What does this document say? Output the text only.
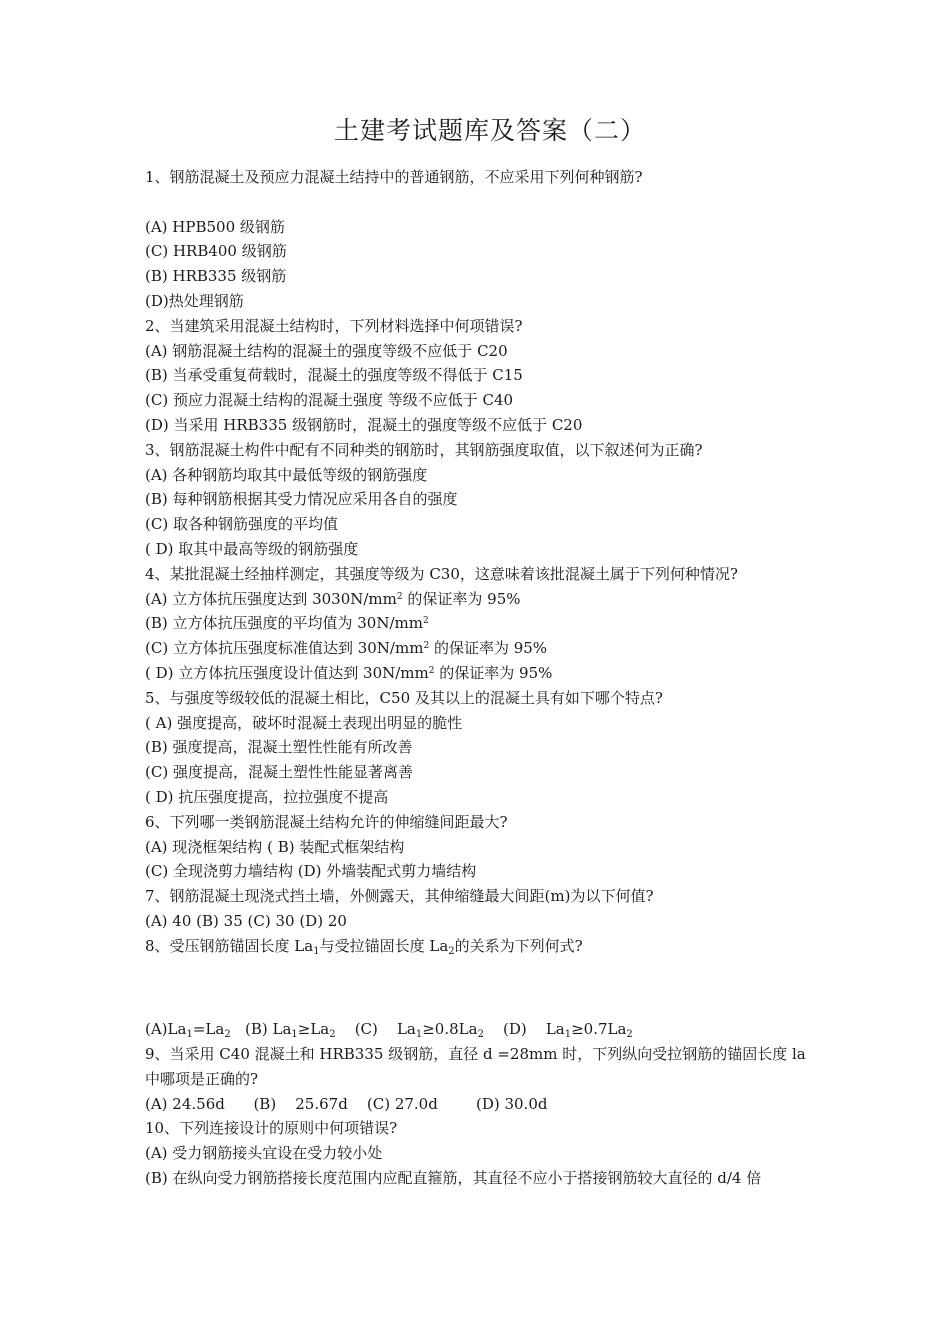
土建考试题库及答案（二）
1、钢筋混凝土及预应力混凝土结持中的普通钢筋，不应采用下列何种钢筋?
(A) HPB500 级钢筋
(C) HRB400 级钢筋
(B) HRB335 级钢筋
(D)热处理钢筋
2、当建筑采用混凝土结构时，下列材料选择中何项错误?
(A) 钢筋混凝土结构的混凝土的强度等级不应低于 C20
(B) 当承受重复荷载时，混凝土的强度等级不得低于 C15
(C) 预应力混凝土结构的混凝土强度 等级不应低于 C40
(D) 当采用 HRB335 级钢筋时，混凝土的强度等级不应低于 C20
3、钢筋混凝土构件中配有不同种类的钢筋时，其钢筋强度取值，以下叙述何为正确?
(A) 各种钢筋均取其中最低等级的钢筋强度
(B) 每种钢筋根据其受力情况应采用各自的强度
(C) 取各种钢筋强度的平均值
( D) 取其中最高等级的钢筋强度
4、某批混凝土经抽样测定，其强度等级为 C30，这意味着该批混凝土属于下列何种情况?
(A) 立方体抗压强度达到 $3030N/mm^2$ 的保证率为 95%
(B) 立方体抗压强度的平均值为 $30N/mm^2$
(C) 立方体抗压强度标准值达到 $30N/mm^2$ 的保证率为 95%
( D) 立方体抗压强度设计值达到 $30N/mm^2$ 的保证率为 95%
5、与强度等级较低的混凝土相比，C50 及其以上的混凝土具有如下哪个特点?
( A) 强度提高，破坏时混凝土表现出明显的脆性
(B) 强度提高，混凝土塑性性能有所改善
(C) 强度提高，混凝土塑性性能显著离善
( D) 抗压强度提高，拉拉强度不提高
6、下列哪一类钢筋混凝土结构允许的伸缩缝间距最大?
(A) 现浇框架结构 ( B) 装配式框架结构
(C) 全现浇剪力墙结构 (D) 外墙装配式剪力墙结构
7、钢筋混凝土现浇式挡土墙，外侧露天，其伸缩缝最大间距(m)为以下何值?
(A) 40 (B) 35 (C) 30 (D) 20
8、受压钢筋锚固长度 $La_1$与受拉锚固长度 $La_2$的关系为下列何式?
$(A)La_1=La_2$   (B) $La_1\ge La_2$    (C)    $La_1\ge 0.8La_2$    (D)    $La_1\ge 0.7La_2$
9、当采用 C40 混凝土和 HRB335 级钢筋，直径 d =28mm 时，下列纵向受拉钢筋的锚固长度 la 中哪项是正确的?
(A) 24.56d      (B)    25.67d    (C) 27.0d        (D) 30.0d
10、下列连接设计的原则中何项错误?
(A) 受力钢筋接头宜设在受力较小处
(B) 在纵向受力钢筋搭接长度范围内应配直箍筋，其直径不应小于搭接钢筋较大直径的 d/4 倍
